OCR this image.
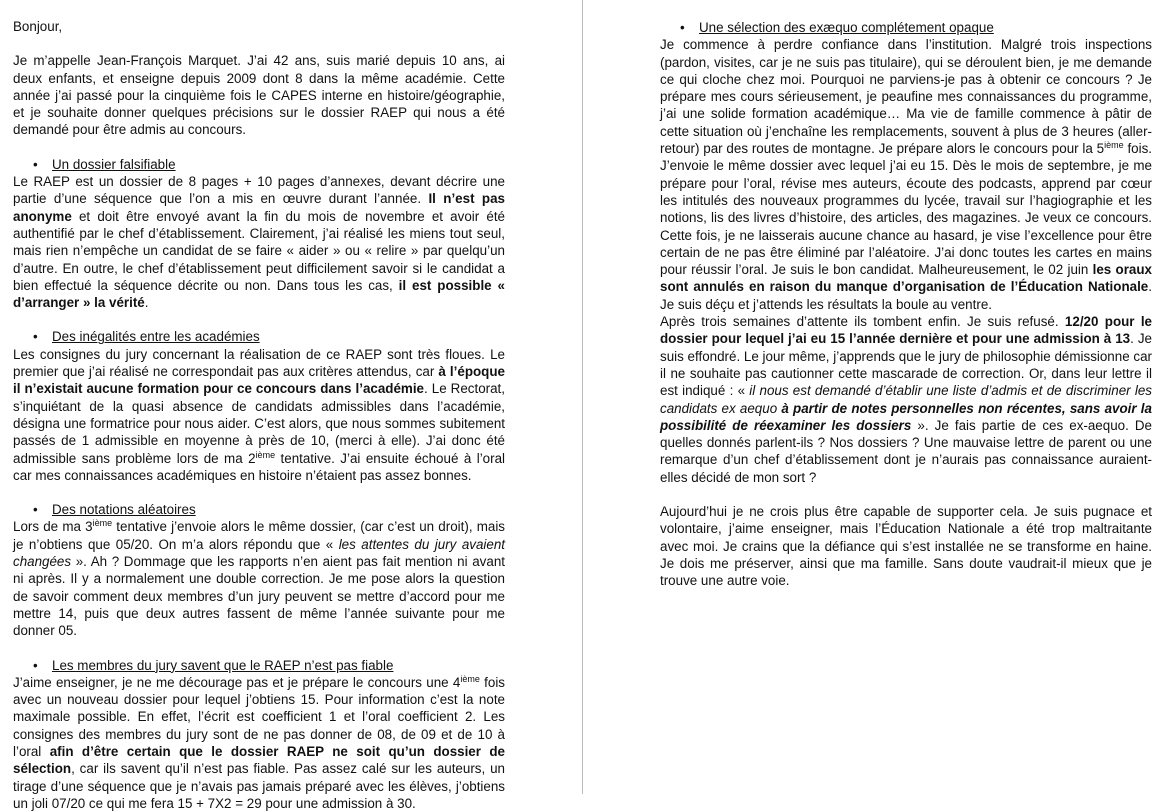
Bonjour,

Je m’appelle Jean-François Marquet. J’ai 42 ans, suis marié depuis 10 ans, ai deux enfants, et enseigne depuis 2009 dont 8 dans la même académie. Cette année j’ai passé pour la cinquième fois le CAPES interne en histoire/géographie, et je souhaite donner quelques précisions sur le dossier RAEP qui nous a été demandé pour être admis au concours.

• Un dossier falsifiable

Le RAEP est un dossier de 8 pages + 10 pages d’annexes, devant décrire une partie d’une séquence que l’on a mis en œuvre durant l’année. Il n’est pas anonyme et doit être envoyé avant la fin du mois de novembre et avoir été authentifié par le chef d’établissement. Clairement, j’ai réalisé les miens tout seul, mais rien n’empêche un candidat de se faire « aider » ou « relire » par quelqu’un d’autre. En outre, le chef d’établissement peut difficilement savoir si le candidat a bien effectué la séquence décrite ou non. Dans tous les cas, il est possible « d’arranger » la vérité.

• Des inégalités entre les académies

Les consignes du jury concernant la réalisation de ce RAEP sont très floues. Le premier que j’ai réalisé ne correspondait pas aux critères attendus, car à l’époque il n’existait aucune formation pour ce concours dans l’académie. Le Rectorat, s’inquiétant de la quasi absence de candidats admissibles dans l’académie, désigna une formatrice pour nous aider. C’est alors, que nous sommes subitement passés de 1 admissible en moyenne à près de 10, (merci à elle). J’ai donc été admissible sans problème lors de ma 2ième tentative. J’ai ensuite échoué à l’oral car mes connaissances académiques en histoire n’étaient pas assez bonnes.

• Des notations aléatoires

Lors de ma 3ième tentative j’envoie alors le même dossier, (car c’est un droit), mais je n’obtiens que 05/20. On m’a alors répondu que « les attentes du jury avaient changées ». Ah ? Dommage que les rapports n’en aient pas fait mention ni avant ni après. Il y a normalement une double correction. Je me pose alors la question de savoir comment deux membres d’un jury peuvent se mettre d’accord pour me mettre 14, puis que deux autres fassent de même l’année suivante pour me donner 05.

• Les membres du jury savent que le RAEP n’est pas fiable

J’aime enseigner, je ne me décourage pas et je prépare le concours une 4ième fois avec un nouveau dossier pour lequel j’obtiens 15. Pour information c’est la note maximale possible. En effet, l’écrit est coefficient 1 et l’oral coefficient 2. Les consignes des membres du jury sont de ne pas donner de 08, de 09 et de 10 à l’oral afin d’être certain que le dossier RAEP ne soit qu’un dossier de sélection, car ils savent qu’il n’est pas fiable. Pas assez calé sur les auteurs, un tirage d’une séquence que je n’avais pas jamais préparé avec les élèves, j’obtiens un joli 07/20 ce qui me fera 15 + 7X2 = 29 pour une admission à 30.

• Une sélection des exæquo complétement opaque

Je commence à perdre confiance dans l’institution. Malgré trois inspections (pardon, visites, car je ne suis pas titulaire), qui se déroulent bien, je me demande ce qui cloche chez moi. Pourquoi ne parviens-je pas à obtenir ce concours ? Je prépare mes cours sérieusement, je peaufine mes connaissances du programme, j’ai une solide formation académique… Ma vie de famille commence à pâtir de cette situation où j’enchaîne les remplacements, souvent à plus de 3 heures (aller-retour) par des routes de montagne. Je prépare alors le concours pour la 5ième fois. J’envoie le même dossier avec lequel j’ai eu 15. Dès le mois de septembre, je me prépare pour l’oral, révise mes auteurs, écoute des podcasts, apprend par cœur les intitulés des nouveaux programmes du lycée, travail sur l’hagiographie et les notions, lis des livres d’histoire, des articles, des magazines. Je veux ce concours. Cette fois, je ne laisserais aucune chance au hasard, je vise l’excellence pour être certain de ne pas être éliminé par l’aléatoire. J’ai donc toutes les cartes en mains pour réussir l’oral. Je suis le bon candidat. Malheureusement, le 02 juin les oraux sont annulés en raison du manque d’organisation de l’Éducation Nationale. Je suis déçu et j’attends les résultats la boule au ventre.

Après trois semaines d’attente ils tombent enfin. Je suis refusé. 12/20 pour le dossier pour lequel j’ai eu 15 l’année dernière et pour une admission à 13. Je suis effondré. Le jour même, j’apprends que le jury de philosophie démissionne car il ne souhaite pas cautionner cette mascarade de correction. Or, dans leur lettre il est indiqué : « il nous est demandé d’établir une liste d’admis et de discriminer les candidats ex aequo à partir de notes personnelles non récentes, sans avoir la possibilité de réexaminer les dossiers ». Je fais partie de ces ex-aequo. De quelles donnés parlent-ils ? Nos dossiers ? Une mauvaise lettre de parent ou une remarque d’un chef d’établissement dont je n’aurais pas connaissance auraient-elles décidé de mon sort ?

Aujourd’hui je ne crois plus être capable de supporter cela. Je suis pugnace et volontaire, j’aime enseigner, mais l’Éducation Nationale a été trop maltraitante avec moi. Je crains que la défiance qui s’est installée ne se transforme en haine. Je dois me préserver, ainsi que ma famille. Sans doute vaudrait-il mieux que je trouve une autre voie.
